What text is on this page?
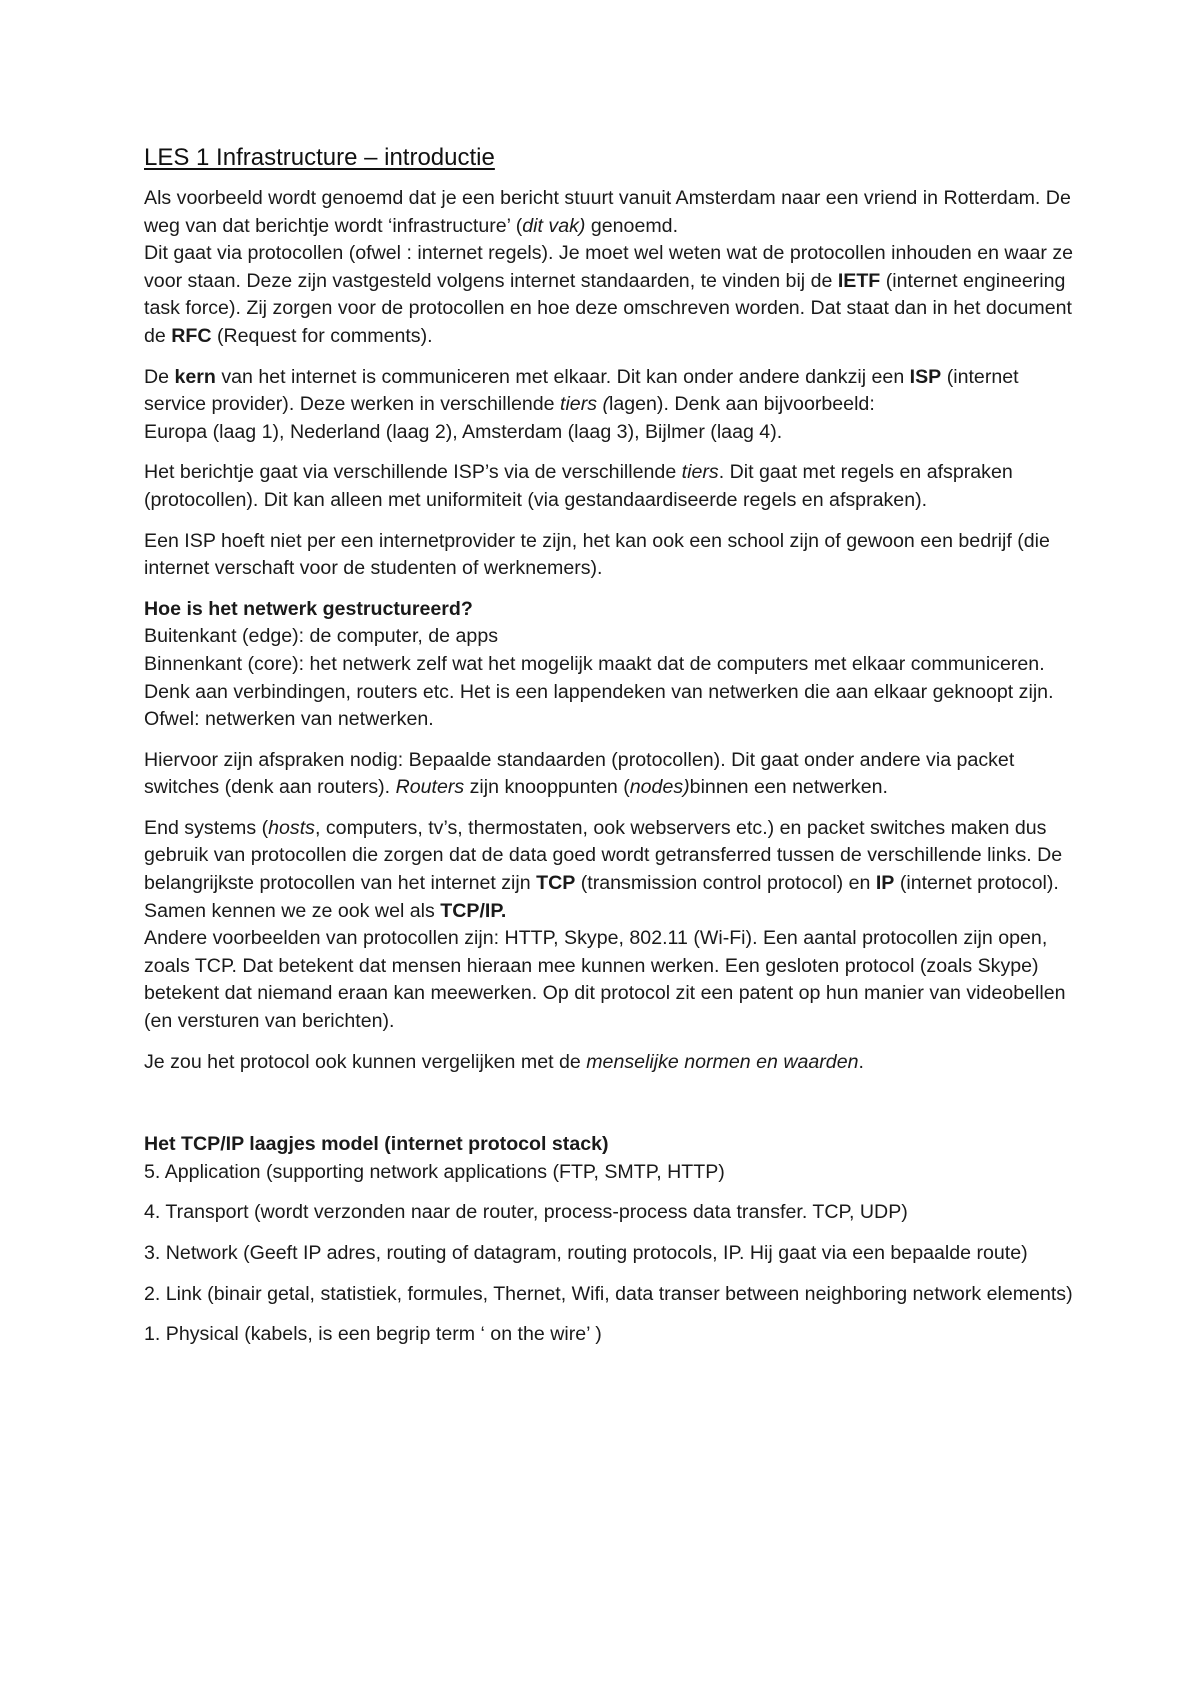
LES 1 Infrastructure – introductie

Als voorbeeld wordt genoemd dat je een bericht stuurt vanuit Amsterdam naar een vriend in Rotterdam. De weg van dat berichtje wordt ‘infrastructure’ (dit vak) genoemd.
Dit gaat via protocollen (ofwel : internet regels). Je moet wel weten wat de protocollen inhouden en waar ze voor staan. Deze zijn vastgesteld volgens internet standaarden, te vinden bij de IETF (internet engineering task force). Zij zorgen voor de protocollen en hoe deze omschreven worden. Dat staat dan in het document de RFC (Request for comments).

De kern van het internet is communiceren met elkaar. Dit kan onder andere dankzij een ISP (internet service provider). Deze werken in verschillende tiers (lagen). Denk aan bijvoorbeeld:
Europa (laag 1), Nederland (laag 2), Amsterdam (laag 3), Bijlmer (laag 4).

Het berichtje gaat via verschillende ISP’s via de verschillende tiers. Dit gaat met regels en afspraken (protocollen). Dit kan alleen met uniformiteit (via gestandaardiseerde regels en afspraken).

Een ISP hoeft niet per een internetprovider te zijn, het kan ook een school zijn of gewoon een bedrijf (die internet verschaft voor de studenten of werknemers).

Hoe is het netwerk gestructureerd?
Buitenkant (edge): de computer, de apps
Binnenkant (core): het netwerk zelf wat het mogelijk maakt dat de computers met elkaar communiceren. Denk aan verbindingen, routers etc. Het is een lappendeken van netwerken die aan elkaar geknoopt zijn. Ofwel: netwerken van netwerken.

Hiervoor zijn afspraken nodig: Bepaalde standaarden (protocollen). Dit gaat onder andere via packet switches (denk aan routers). Routers zijn knooppunten (nodes)binnen een netwerken.

End systems (hosts, computers, tv’s, thermostaten, ook webservers etc.) en packet switches maken dus gebruik van protocollen die zorgen dat de data goed wordt getransferred tussen de verschillende links. De belangrijkste protocollen van het internet zijn TCP (transmission control protocol) en IP (internet protocol). Samen kennen we ze ook wel als TCP/IP.
Andere voorbeelden van protocollen zijn: HTTP, Skype, 802.11 (Wi-Fi). Een aantal protocollen zijn open, zoals TCP. Dat betekent dat mensen hieraan mee kunnen werken. Een gesloten protocol (zoals Skype) betekent dat niemand eraan kan meewerken. Op dit protocol zit een patent op hun manier van videobellen (en versturen van berichten).

Je zou het protocol ook kunnen vergelijken met de menselijke normen en waarden.

Het TCP/IP laagjes model (internet protocol stack)
5. Application (supporting network applications (FTP, SMTP, HTTP)

4. Transport (wordt verzonden naar de router, process-process data transfer. TCP, UDP)

3. Network (Geeft IP adres, routing of datagram, routing protocols, IP. Hij gaat via een bepaalde route)

2. Link (binair getal, statistiek, formules, Thernet, Wifi, data transer between neighboring network elements)

1. Physical (kabels, is een begrip term ‘ on the wire’ )
